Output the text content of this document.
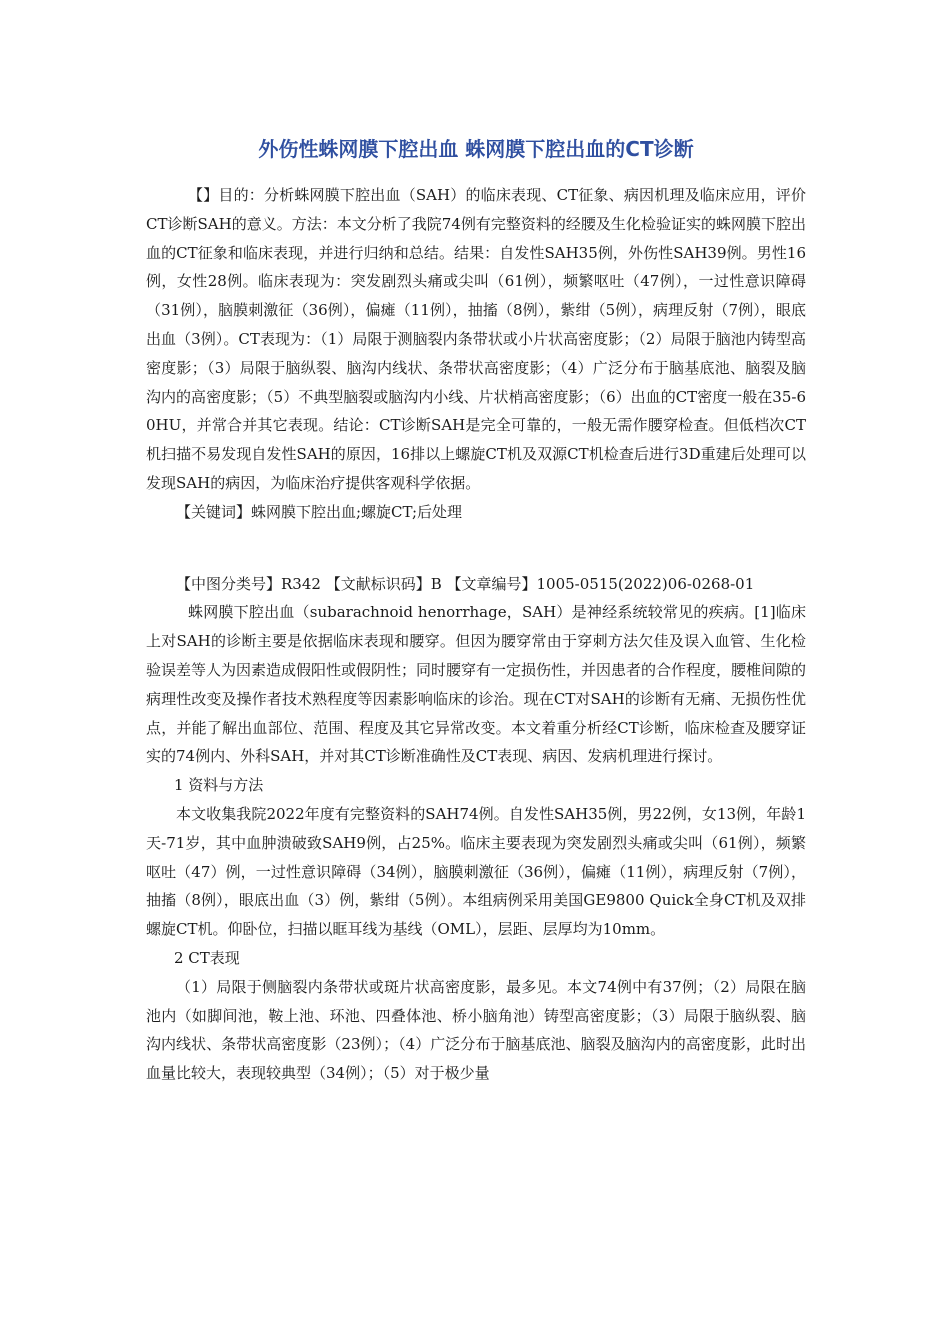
外伤性蛛网膜下腔出血 蛛网膜下腔出血的CT诊断

【】目的：分析蛛网膜下腔出血（SAH）的临床表现、CT征象、病因机理及临床应用，评价CT诊断SAH的意义。方法：本文分析了我院74例有完整资料的经腰及生化检验证实的蛛网膜下腔出血的CT征象和临床表现，并进行归纳和总结。结果：自发性SAH35例，外伤性SAH39例。男性16例，女性28例。临床表现为：突发剧烈头痛或尖叫（61例），频繁呕吐（47例），一过性意识障碍（31例），脑膜刺激征（36例），偏瘫（11例），抽搐（8例），紫绀（5例），病理反射（7例），眼底出血（3例）。CT表现为：（1）局限于测脑裂内条带状或小片状高密度影；（2）局限于脑池内铸型高密度影；（3）局限于脑纵裂、脑沟内线状、条带状高密度影；（4）广泛分布于脑基底池、脑裂及脑沟内的高密度影；（5）不典型脑裂或脑沟内小线、片状梢高密度影；（6）出血的CT密度一般在35-60HU，并常合并其它表现。结论：CT诊断SAH是完全可靠的，一般无需作腰穿检查。但低档次CT机扫描不易发现自发性SAH的原因，16排以上螺旋CT机及双源CT机检查后进行3D重建后处理可以发现SAH的病因，为临床治疗提供客观科学依据。

【关键词】蛛网膜下腔出血;螺旋CT;后处理

【中图分类号】R342 【文献标识码】B 【文章编号】1005-0515(2022)06-0268-01

蛛网膜下腔出血（subarachnoid henorrhage，SAH）是神经系统较常见的疾病。[1]临床上对SAH的诊断主要是依据临床表现和腰穿。但因为腰穿常由于穿刺方法欠佳及误入血管、生化检验误差等人为因素造成假阳性或假阴性；同时腰穿有一定损伤性，并因患者的合作程度，腰椎间隙的病理性改变及操作者技术熟程度等因素影响临床的诊治。现在CT对SAH的诊断有无痛、无损伤性优点，并能了解出血部位、范围、程度及其它异常改变。本文着重分析经CT诊断，临床检查及腰穿证实的74例内、外科SAH，并对其CT诊断准确性及CT表现、病因、发病机理进行探讨。

1 资料与方法

本文收集我院2022年度有完整资料的SAH74例。自发性SAH35例，男22例，女13例，年龄1天-71岁，其中血肿溃破致SAH9例，占25%。临床主要表现为突发剧烈头痛或尖叫（61例），频繁呕吐（47）例，一过性意识障碍（34例），脑膜刺激征（36例），偏瘫（11例），病理反射（7例），抽搐（8例），眼底出血（3）例，紫绀（5例）。本组病例采用美国GE9800 Quick全身CT机及双排螺旋CT机。仰卧位，扫描以眶耳线为基线（OML），层距、层厚均为10mm。

2 CT表现

（1）局限于侧脑裂内条带状或斑片状高密度影，最多见。本文74例中有37例；（2）局限在脑池内（如脚间池，鞍上池、环池、四叠体池、桥小脑角池）铸型高密度影；（3）局限于脑纵裂、脑沟内线状、条带状高密度影（23例）；（4）广泛分布于脑基底池、脑裂及脑沟内的高密度影，此时出血量比较大，表现较典型（34例）；（5）对于极少量
